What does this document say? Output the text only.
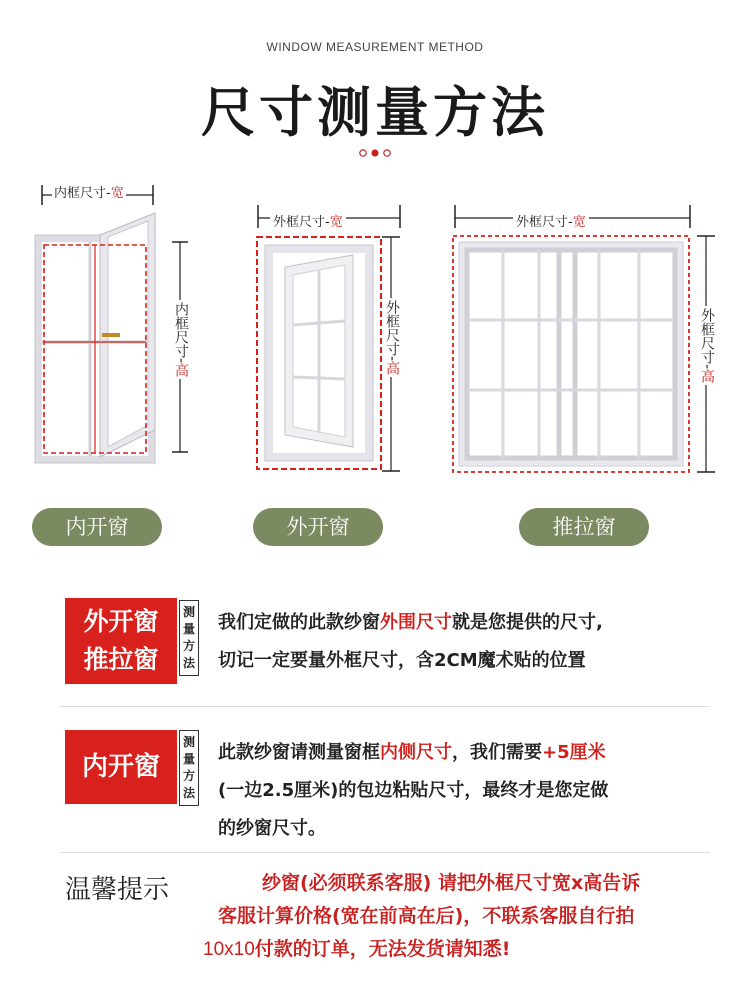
WINDOW MEASUREMENT METHOD
尺寸测量方法
内框尺寸-宽
内框尺寸-高
内开窗
外框尺寸-宽
外框尺寸-高
外开窗
外框尺寸-宽
外框尺寸-高
推拉窗
外开窗
推拉窗
测量方法
我们定做的此款纱窗外围尺寸就是您提供的尺寸,
切记一定要量外框尺寸，含2CM魔术贴的位置
内开窗
测量方法
此款纱窗请测量窗框内侧尺寸，我们需要+5厘米
(一边2.5厘米)的包边粘贴尺寸，最终才是您定做
的纱窗尺寸。
温馨提示	纱窗(必须联系客服) 请把外框尺寸宽x高告诉
客服计算价格(宽在前高在后)，不联系客服自行拍
10x10付款的订单，无法发货请知悉!
